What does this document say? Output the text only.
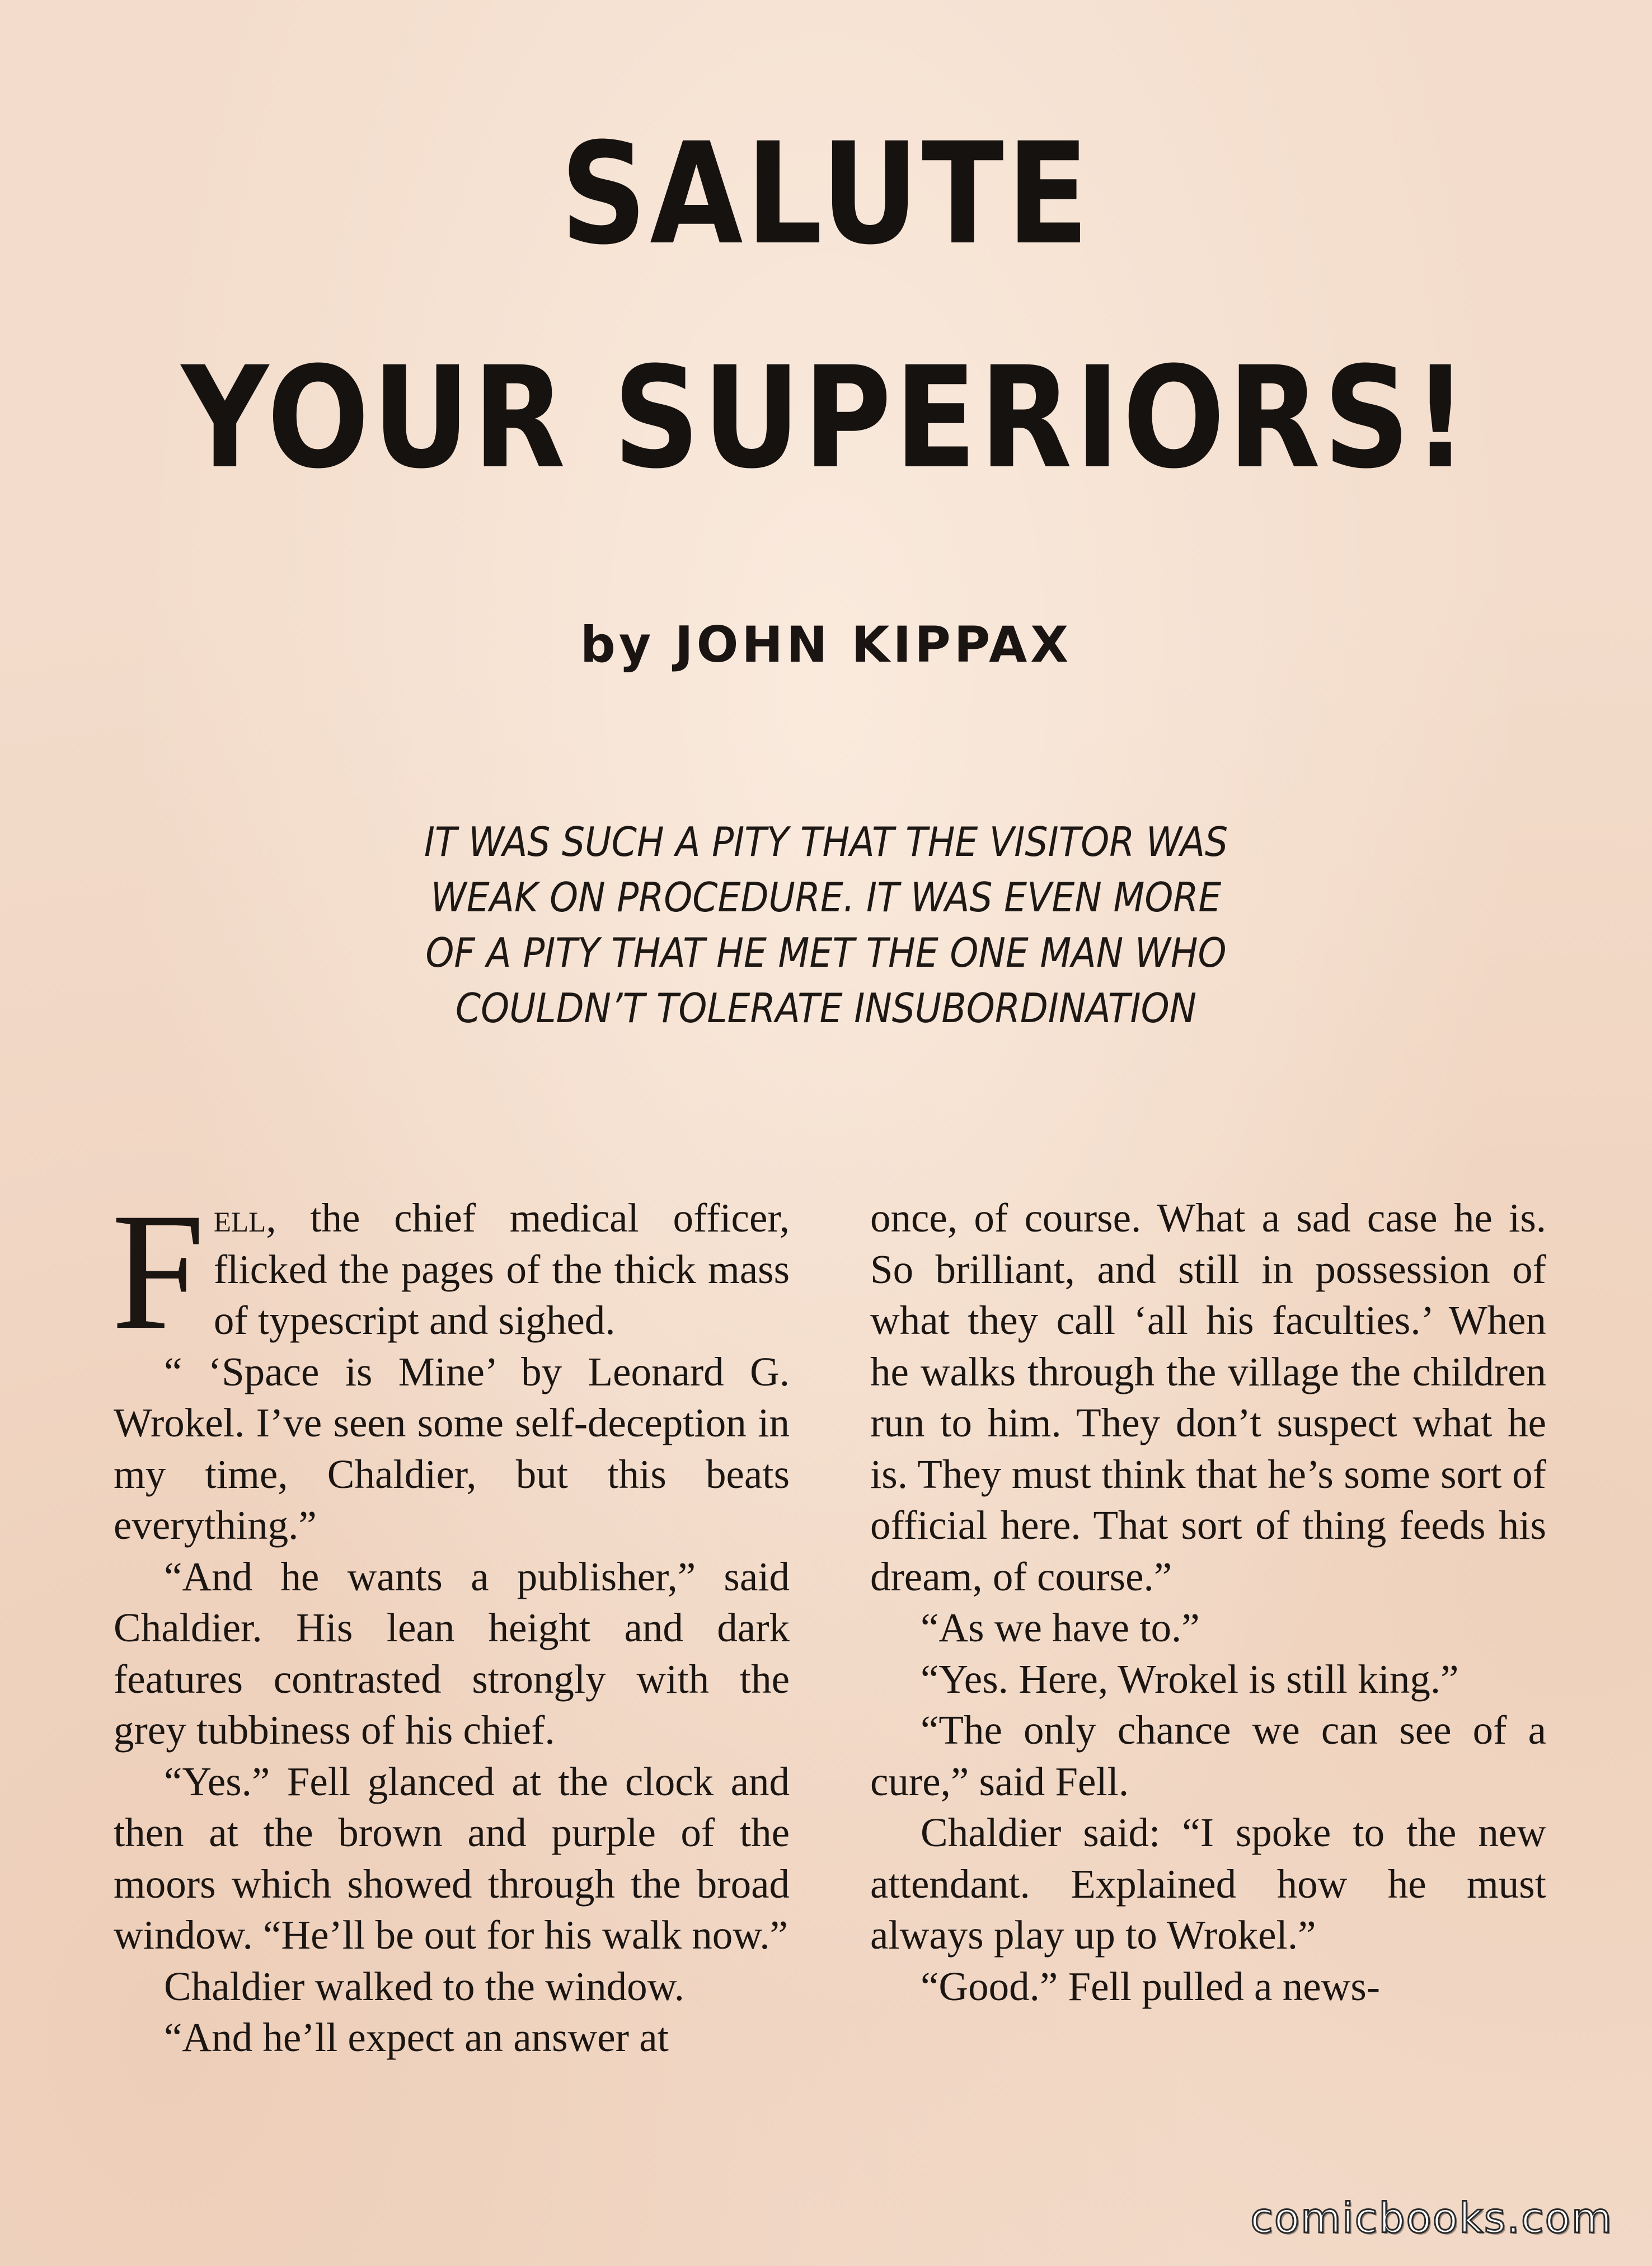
SALUTE
YOUR SUPERIORS!
by JOHN KIPPAX
IT WAS SUCH A PITY THAT THE VISITOR WAS
WEAK ON PROCEDURE. IT WAS EVEN MORE
OF A PITY THAT HE MET THE ONE MAN WHO
COULDN’T TOLERATE INSUBORDINATION

Fell, the chief medical officer, flicked the pages of the thick mass of typescript and sighed.

“ ‘Space is Mine’ by Leonard G. Wrokel. I’ve seen some self-deception in my time, Chaldier, but this beats everything.”

“And he wants a publisher,” said Chaldier. His lean height and dark features contrasted strongly with the grey tubbiness of his chief.

“Yes.” Fell glanced at the clock and then at the brown and purple of the moors which showed through the broad window. “He’ll be out for his walk now.”

Chaldier walked to the window.

“And he’ll expect an answer at

once, of course. What a sad case he is. So brilliant, and still in possession of what they call ‘all his faculties.’ When he walks through the village the children run to him. They don’t suspect what he is. They must think that he’s some sort of official here. That sort of thing feeds his dream, of course.”

“As we have to.”

“Yes. Here, Wrokel is still king.”

“The only chance we can see of a cure,” said Fell.

Chaldier said: “I spoke to the new attendant. Explained how he must always play up to Wrokel.”

“Good.” Fell pulled a news-

comicbooks.com
